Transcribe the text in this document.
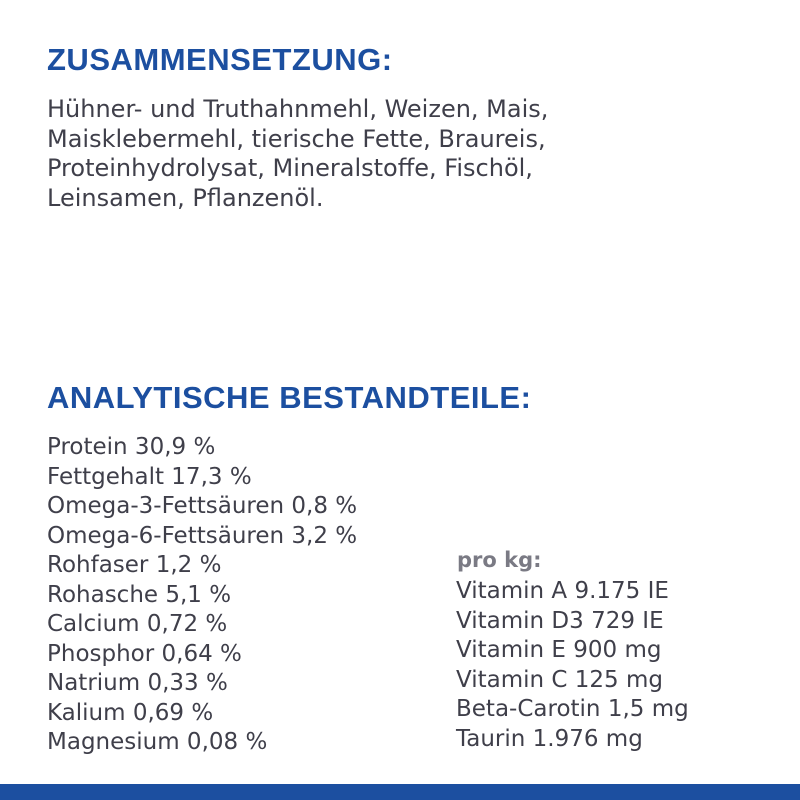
ZUSAMMENSETZUNG:

Hühner- und Truthahnmehl, Weizen, Mais,
Maisklebermehl, tierische Fette, Braureis,
Proteinhydrolysat, Mineralstoffe, Fischöl,
Leinsamen, Pflanzenöl.

ANALYTISCHE BESTANDTEILE:
Protein 30,9 %
Fettgehalt 17,3 %
Omega-3-Fettsäuren 0,8 %
Omega-6-Fettsäuren 3,2 %
Rohfaser 1,2 %
Rohasche 5,1 %
Calcium 0,72 %
Phosphor 0,64 %
Natrium 0,33 %
Kalium 0,69 %
Magnesium 0,08 %

pro kg:

Vitamin A 9.175 IE
Vitamin D3 729 IE
Vitamin E 900 mg
Vitamin C 125 mg
Beta-Carotin 1,5 mg
Taurin 1.976 mg
